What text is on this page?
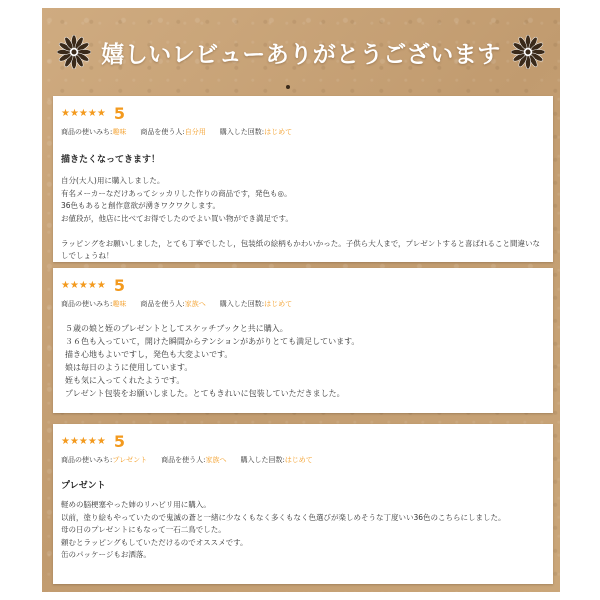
嬉しいレビューありがとうございます
★★★★★ 5
商品の使いみち:趣味 商品を使う人:自分用 購入した回数:はじめて
描きたくなってきます！
自分(大人)用に購入しました。
有名メーカーなだけあってシッカリした作りの商品です，発色も◎。
36色もあると創作意欲が湧きワクワクします。
お値段が，他店に比べてお得でしたのでよい買い物ができ満足です。

ラッピングをお願いしました，とても丁寧でしたし，包装紙の絵柄もかわいかった。子供ら大人まで，プレゼントすると喜ばれること間違いなしでしょうね！
★★★★★ 5
商品の使いみち:趣味 商品を使う人:家族へ 購入した回数:はじめて
５歳の娘と姪のプレゼントとしてスケッチブックと共に購入。
３６色も入っていて，開けた瞬間からテンションがあがりとても満足しています。
描き心地もよいですし，発色も大変よいです。
娘は毎日のように使用しています。
姪も気に入ってくれたようです。
プレゼント包装をお願いしました。とてもきれいに包装していただきました。
★★★★★ 5
商品の使いみち:プレゼント 商品を使う人:家族へ 購入した回数:はじめて
プレゼント
軽めの脳梗塞やった姉のリハビリ用に購入。
以前，塗り絵もやっていたので鬼滅の蒼と一緒に少なくもなく多くもなく色選びが楽しめそうな丁度いい36色のこちらにしました。
母の日のプレゼントにもなって一石二鳥でした。
頼むとラッピングもしていただけるのでオススメです。
缶のパッケージもお洒落。
